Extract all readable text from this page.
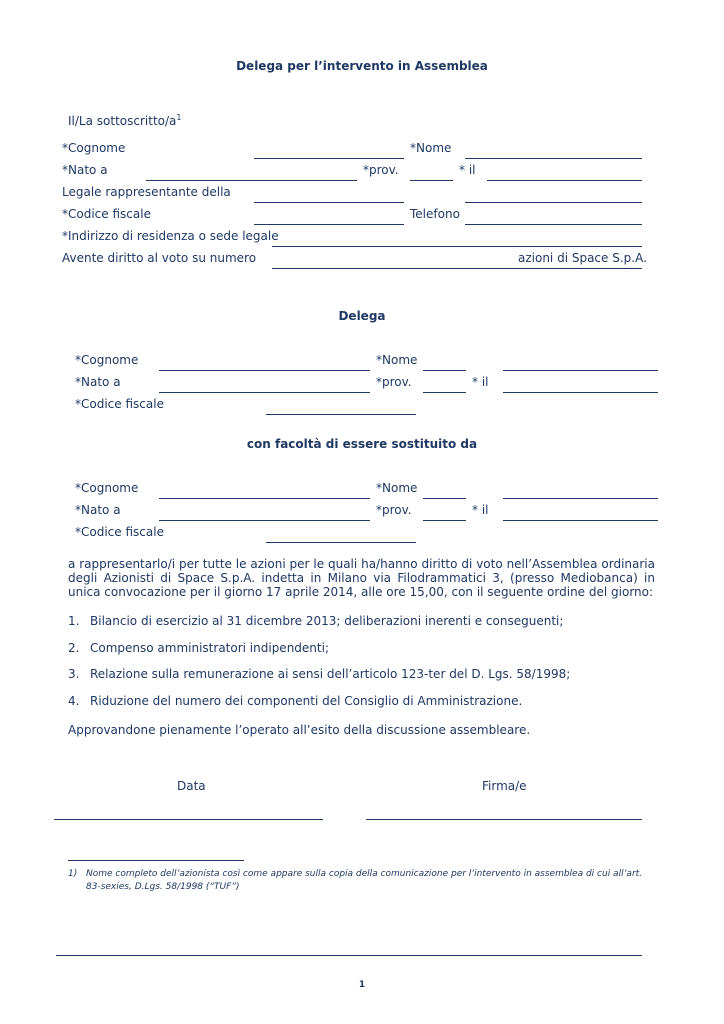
Delega per l’intervento in Assemblea
Il/La sottoscritto/$a^1$
*Cognome	*Nome
*Nato a	*prov.	* il
Legale rappresentante della
*Codice fiscale	Telefono
*Indirizzo di residenza o sede legale
Avente diritto al voto su numero	azioni di Space S.p.A.
Delega
*Cognome	*Nome
*Nato a	*prov.	* il
*Codice fiscale
con facoltà di essere sostituito da
*Cognome	*Nome
*Nato a	*prov.	* il
*Codice fiscale
a rappresentarlo/i per tutte le azioni per le quali ha/hanno diritto di voto nell’Assemblea ordinaria degli Azionisti di Space S.p.A. indetta in Milano via Filodrammatici 3, (presso Mediobanca) in unica convocazione per il giorno 17 aprile 2014, alle ore 15,00, con il seguente ordine del giorno:
1. Bilancio di esercizio al 31 dicembre 2013; deliberazioni inerenti e conseguenti;
2. Compenso amministratori indipendenti;
3. Relazione sulla remunerazione ai sensi dell’articolo 123-ter del D. Lgs. 58/1998;
4. Riduzione del numero dei componenti del Consiglio di Amministrazione.
Approvandone pienamente l’operato all’esito della discussione assembleare.
Data	Firma/e
1) Nome completo dell’azionista così come appare sulla copia della comunicazione per l’intervento in assemblea di cui all’art. 83-sexies, D.Lgs. 58/1998 (“TUF”)
1
